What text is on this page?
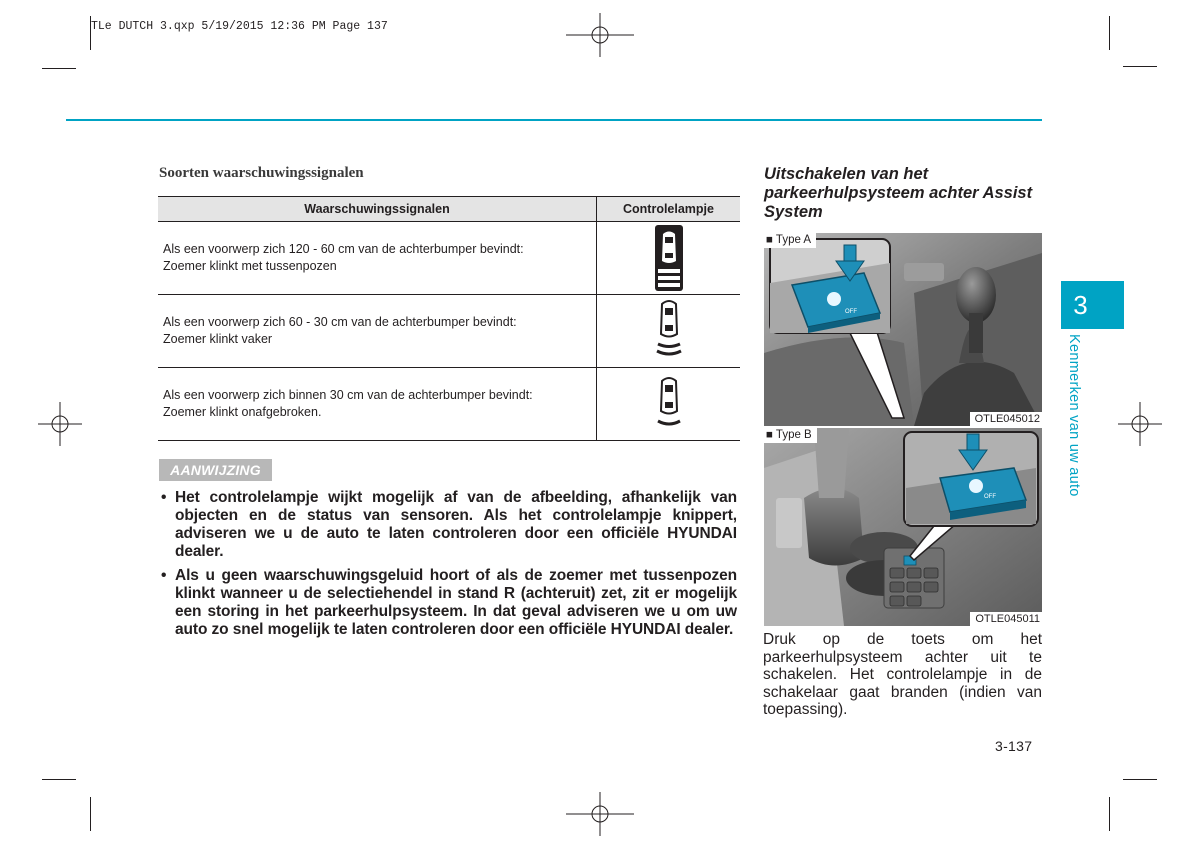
TLe DUTCH 3.qxp 5/19/2015 12:36 PM Page 137
Soorten waarschuwingssignalen
Waarschuwingssignalen	Controlelampje
Als een voorwerp zich 120 - 60 cm van de achterbumper bevindt:
Zoemer klinkt met tussenpozen	

Als een voorwerp zich 60 - 30 cm van de achterbumper bevindt:
Zoemer klinkt vaker	

Als een voorwerp zich binnen 30 cm van de achterbumper bevindt:
Zoemer klinkt onafgebroken.	
AANWIJZING
• Het controlelampje wijkt mogelijk af van de afbeelding, afhankelijk van objecten en de status van sensoren. Als het controlelampje knippert, adviseren we u de auto te laten controleren door een officiële HYUNDAI dealer.
• Als u geen waarschuwingsgeluid hoort of als de zoemer met tussenpozen klinkt wanneer u de selectiehendel in stand R (achteruit) zet, zit er mogelijk een storing in het parkeerhulpsysteem. In dat geval adviseren we u om uw auto zo snel mogelijk te laten controleren door een officiële HYUNDAI dealer.
Uitschakelen van het parkeerhulpsysteem achter Assist System
OFF
■ Type A
OTLE045012
OFF
■ Type B
OTLE045011
Druk op de toets om het parkeerhulpsysteem achter uit te schakelen. Het controlelampje in de schakelaar gaat branden (indien van toepassing).
3-137
3
Kenmerken van uw auto
